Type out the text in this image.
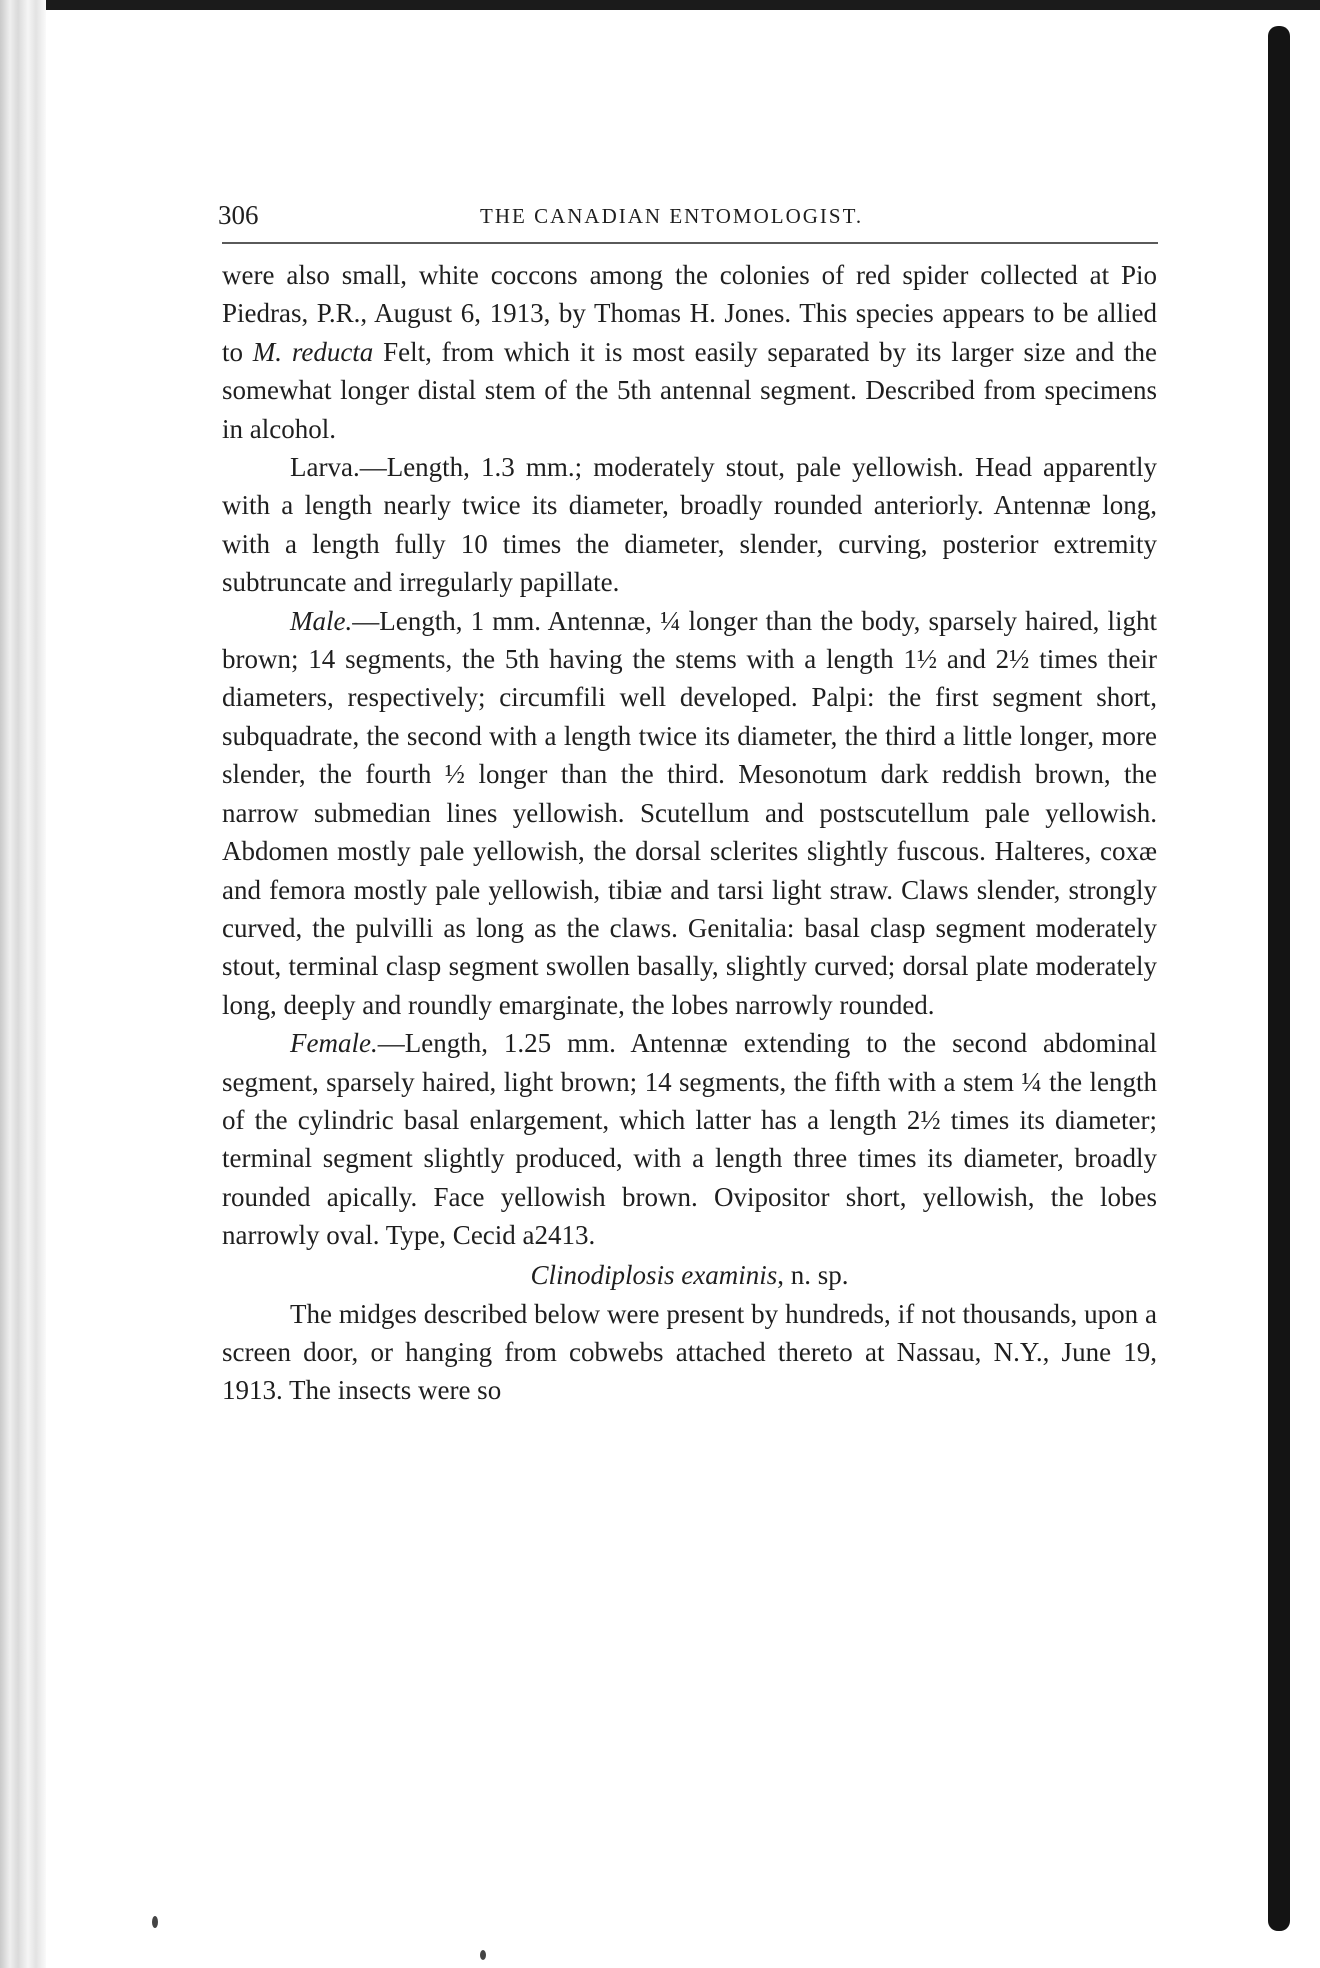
306	THE CANADIAN ENTOMOLOGIST.

were also small, white coccons among the colonies of red spider collected at Pio Piedras, P.R., August 6, 1913, by Thomas H. Jones. This species appears to be allied to M. reducta Felt, from which it is most easily separated by its larger size and the somewhat longer distal stem of the 5th antennal segment. Described from specimens in alcohol.

Larva.—Length, 1.3 mm.; moderately stout, pale yellowish. Head apparently with a length nearly twice its diameter, broadly rounded anteriorly. Antennæ long, with a length fully 10 times the diameter, slender, curving, posterior extremity subtruncate and irregularly papillate.

Male.—Length, 1 mm. Antennæ, ¼ longer than the body, sparsely haired, light brown; 14 segments, the 5th having the stems with a length 1½ and 2½ times their diameters, respectively; circumfili well developed. Palpi: the first segment short, subquadrate, the second with a length twice its diameter, the third a little longer, more slender, the fourth ½ longer than the third. Mesonotum dark reddish brown, the narrow submedian lines yellowish. Scutellum and postscutellum pale yellowish. Abdomen mostly pale yellowish, the dorsal sclerites slightly fuscous. Halteres, coxæ and femora mostly pale yellowish, tibiæ and tarsi light straw. Claws slender, strongly curved, the pulvilli as long as the claws. Genitalia: basal clasp segment moderately stout, terminal clasp segment swollen basally, slightly curved; dorsal plate moderately long, deeply and roundly emarginate, the lobes narrowly rounded.

Female.—Length, 1.25 mm. Antennæ extending to the second abdominal segment, sparsely haired, light brown; 14 segments, the fifth with a stem ¼ the length of the cylindric basal enlargement, which latter has a length 2½ times its diameter; terminal segment slightly produced, with a length three times its diameter, broadly rounded apically. Face yellowish brown. Ovipositor short, yellowish, the lobes narrowly oval. Type, Cecid a2413.

Clinodiplosis examinis, n. sp.

The midges described below were present by hundreds, if not thousands, upon a screen door, or hanging from cobwebs attached thereto at Nassau, N.Y., June 19, 1913. The insects were so
